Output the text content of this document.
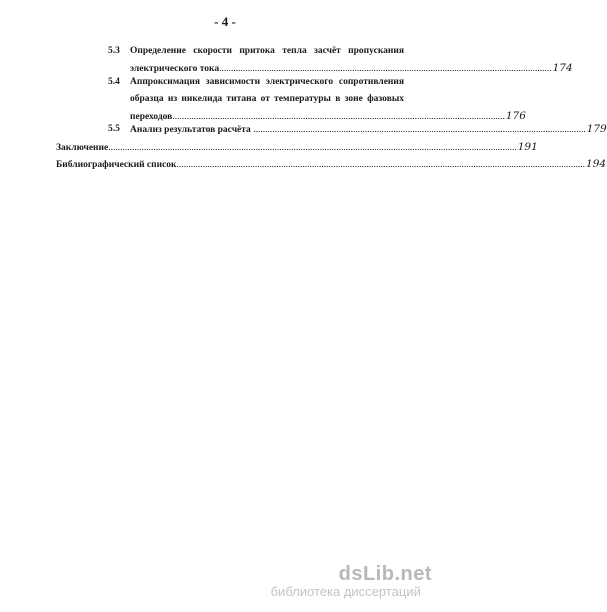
- 4 -
5.3 Определение скорости притока тепла засчёт пропускания
электрического тока ............................................................................................................................................ 174
5.4 Аппроксимация зависимости электрического сопротивления
образца из никелида титана от температуры в зоне фазовых
переходов ............................................................................................................................................ 176
5.5 Анализ результатов расчёта ............................................................................................................................................ 179
Заключение ............................................................................................................................................................................ 191
Библиографический список ............................................................................................................................................................................ 194
dsLib.net
библиотека диссертаций
